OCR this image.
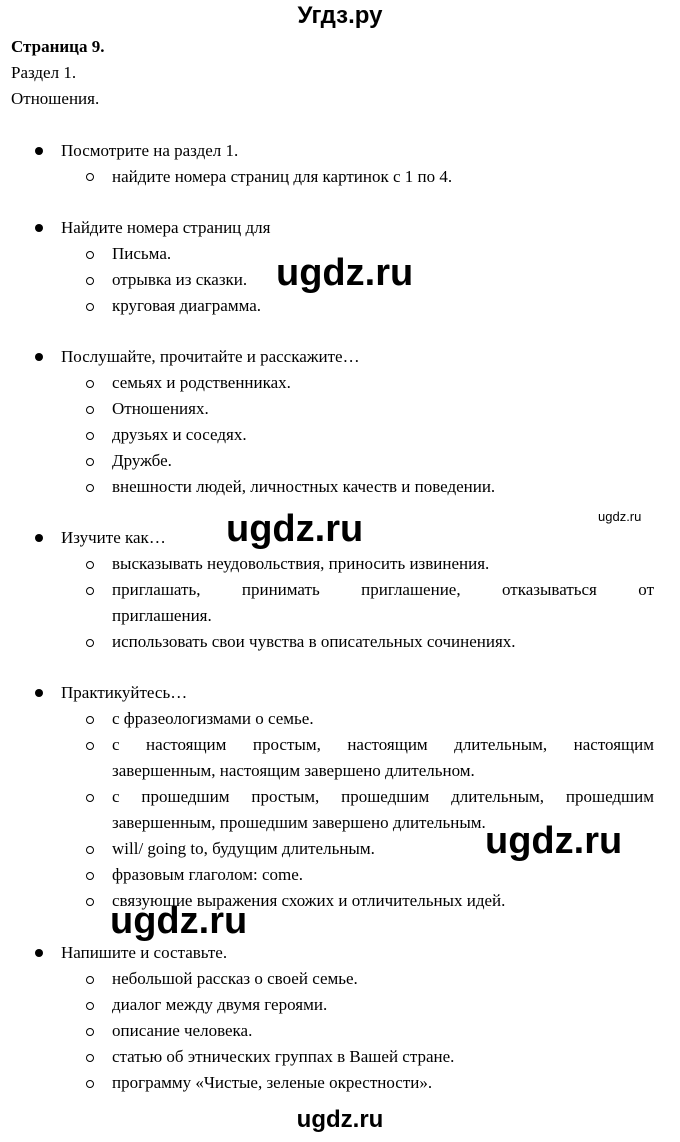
Угдз.ру
Страница 9.
Раздел 1.
Отношения.
Посмотрите на раздел 1.
найдите номера страниц для картинок с 1 по 4.
Найдите номера страниц для
Письма.
отрывка из сказки.
круговая диаграмма.
Послушайте, прочитайте и расскажите…
семьях и родственниках.
Отношениях.
друзьях и соседях.
Дружбе.
внешности людей, личностных качеств и поведении.
Изучите как…
высказывать неудовольствия, приносить извинения.
приглашать, принимать приглашение, отказываться от
приглашения.
использовать свои чувства в описательных сочинениях.
Практикуйтесь…
с фразеологизмами о семье.
с настоящим простым, настоящим длительным, настоящим
завершенным, настоящим завершено длительном.
с прошедшим простым, прошедшим длительным, прошедшим
завершенным, прошедшим завершено длительным.
will/ going to, будущим длительным.
фразовым глаголом: come.
связующие выражения схожих и отличительных идей.
Напишите и составьте.
небольшой рассказ о своей семье.
диалог между двумя героями.
описание человека.
статью об этнических группах в Вашей стране.
программу «Чистые, зеленые окрестности».
ugdz.ru
ugdz.ru	ugdz.ru
ugdz.ru
ugdz.ru
ugdz.ru
